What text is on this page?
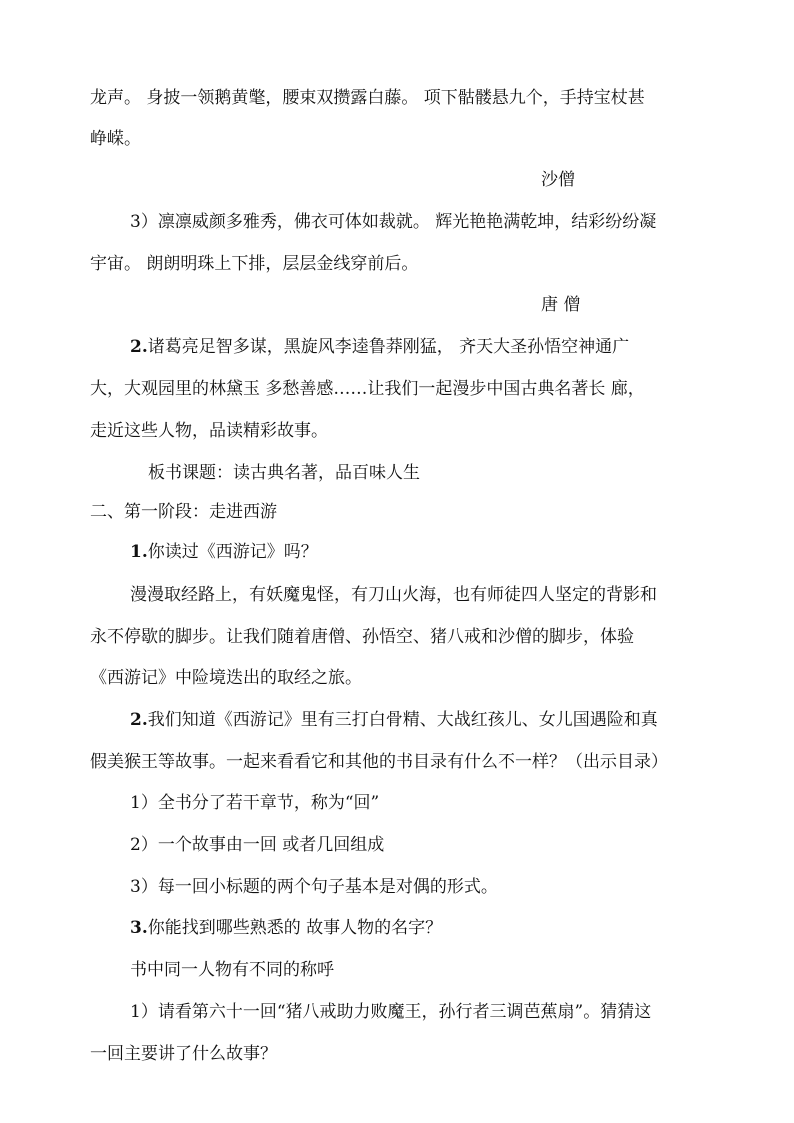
龙声。 身披一领鹅黄氅，腰束双攒露白藤。 项下骷髅悬九个，手持宝杖甚
峥嵘。
沙僧
3）凛凛威颜多雅秀，佛衣可体如裁就。 辉光艳艳满乾坤，结彩纷纷凝
宇宙。 朗朗明珠上下排，层层金线穿前后。
唐 僧
2.诸葛亮足智多谋，黑旋风李逵鲁莽刚猛， 齐天大圣孙悟空神通广
大，大观园里的林黛玉 多愁善感……让我们一起漫步中国古典名著长 廊，
走近这些人物，品读精彩故事。
板书课题：读古典名著，品百味人生
二、第一阶段：走进西游
1.你读过《西游记》吗？
漫漫取经路上，有妖魔鬼怪，有刀山火海，也有师徒四人坚定的背影和
永不停歇的脚步。让我们随着唐僧、孙悟空、猪八戒和沙僧的脚步，体验
《西游记》中险境迭出的取经之旅。
2.我们知道《西游记》里有三打白骨精、大战红孩儿、女儿国遇险和真
假美猴王等故事。一起来看看它和其他的书目录有什么不一样？（出示目录）
1）全书分了若干章节，称为“回”
2）一个故事由一回 或者几回组成
3）每一回小标题的两个句子基本是对偶的形式。
3.你能找到哪些熟悉的 故事人物的名字？
书中同一人物有不同的称呼
1）请看第六十一回“猪八戒助力败魔王，孙行者三调芭蕉扇”。猜猜这
一回主要讲了什么故事？
